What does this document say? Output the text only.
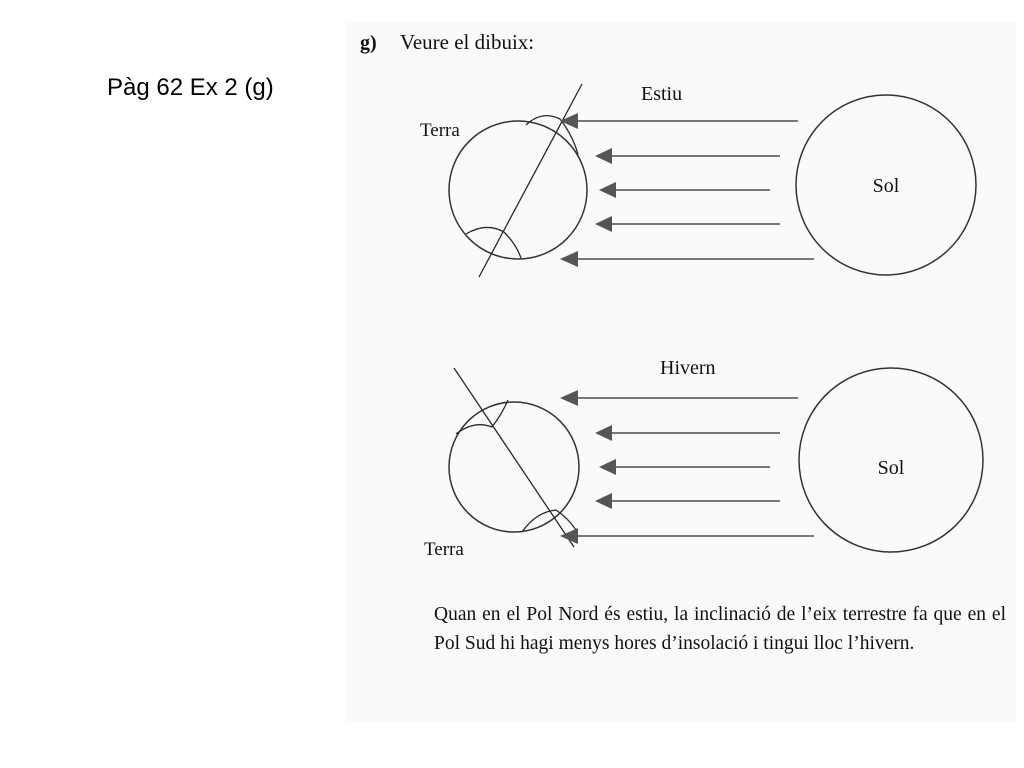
Pàg 62 Ex 2 (g)
g) Veure el dibuix:
Estiu
Terra
Sol
Hivern
Terra
Sol
Quan en el Pol Nord és estiu, la inclinació de l’eix terrestre fa que en el Pol Sud hi hagi menys hores d’insolació i tingui lloc l’hivern.
